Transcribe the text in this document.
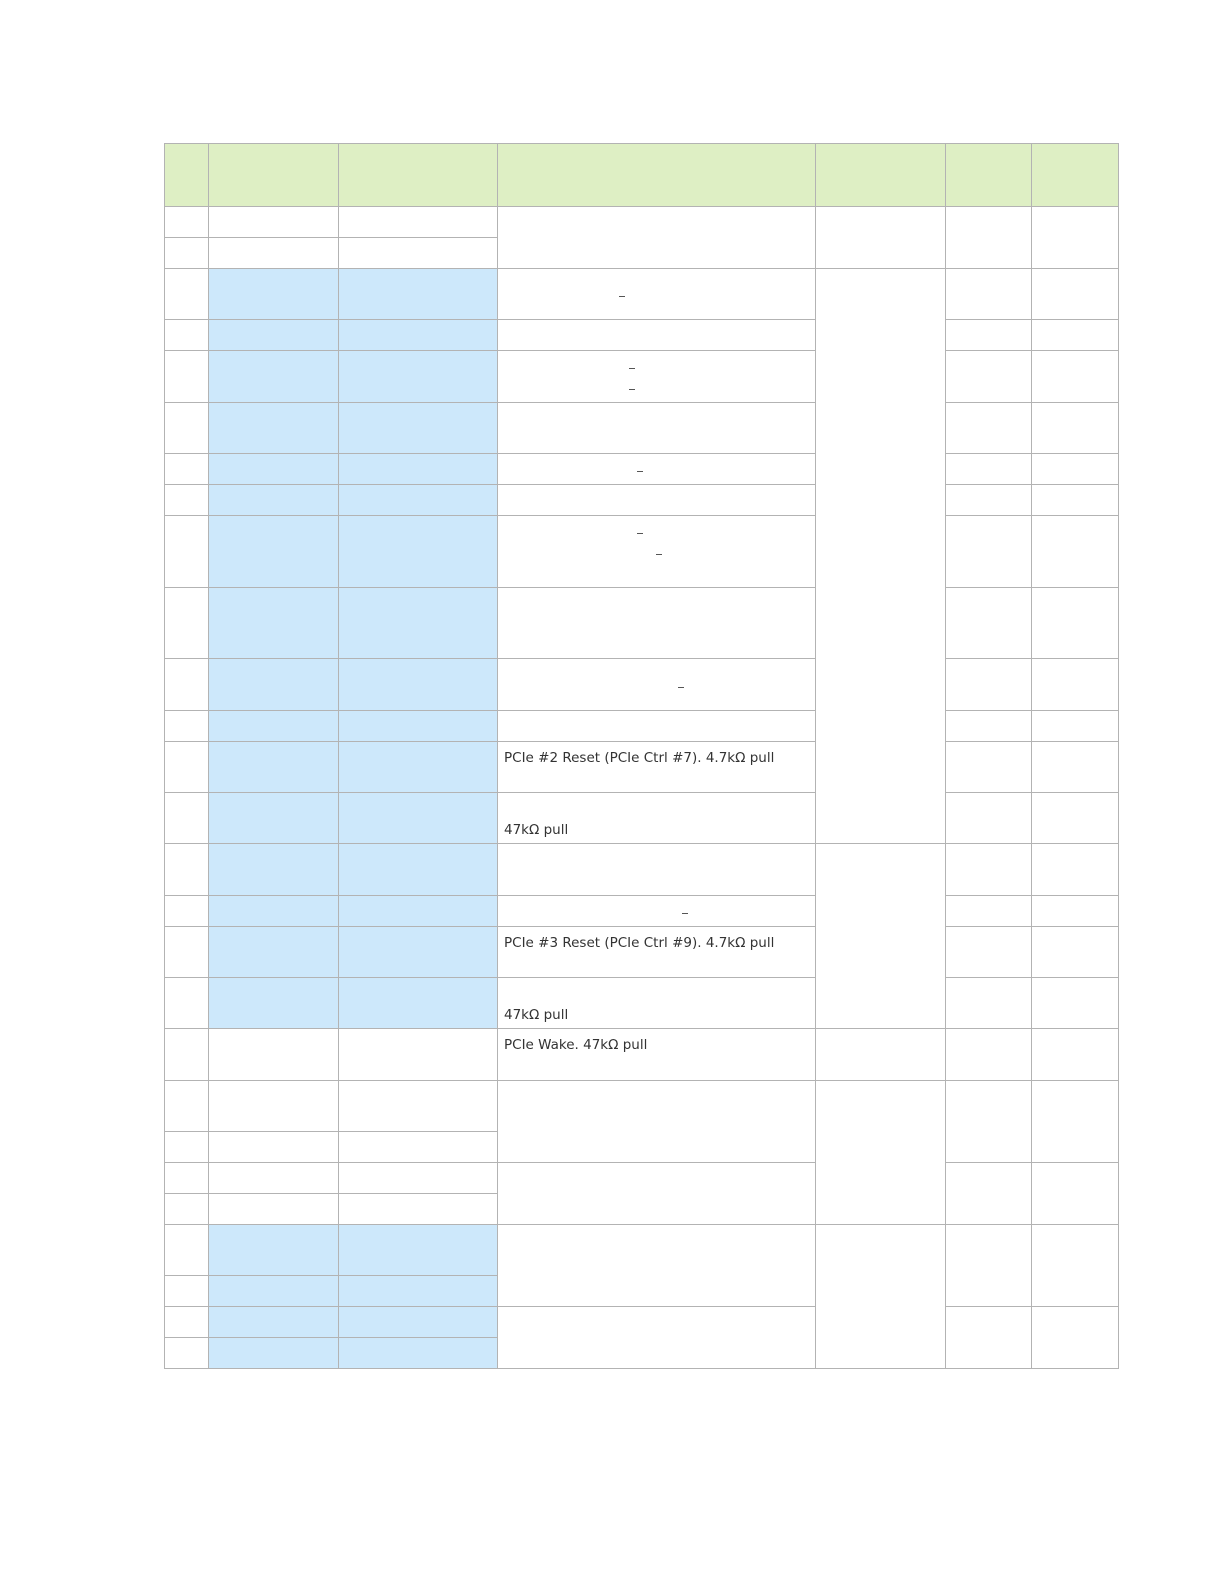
			PCIe #2 Reset (PCIe Ctrl #7). 4.7kΩ pull			
			47kΩ pull			

			PCIe #3 Reset (PCIe Ctrl #9). 4.7kΩ pull			
			47kΩ pull			
			PCIe Wake. 47kΩ pull			
